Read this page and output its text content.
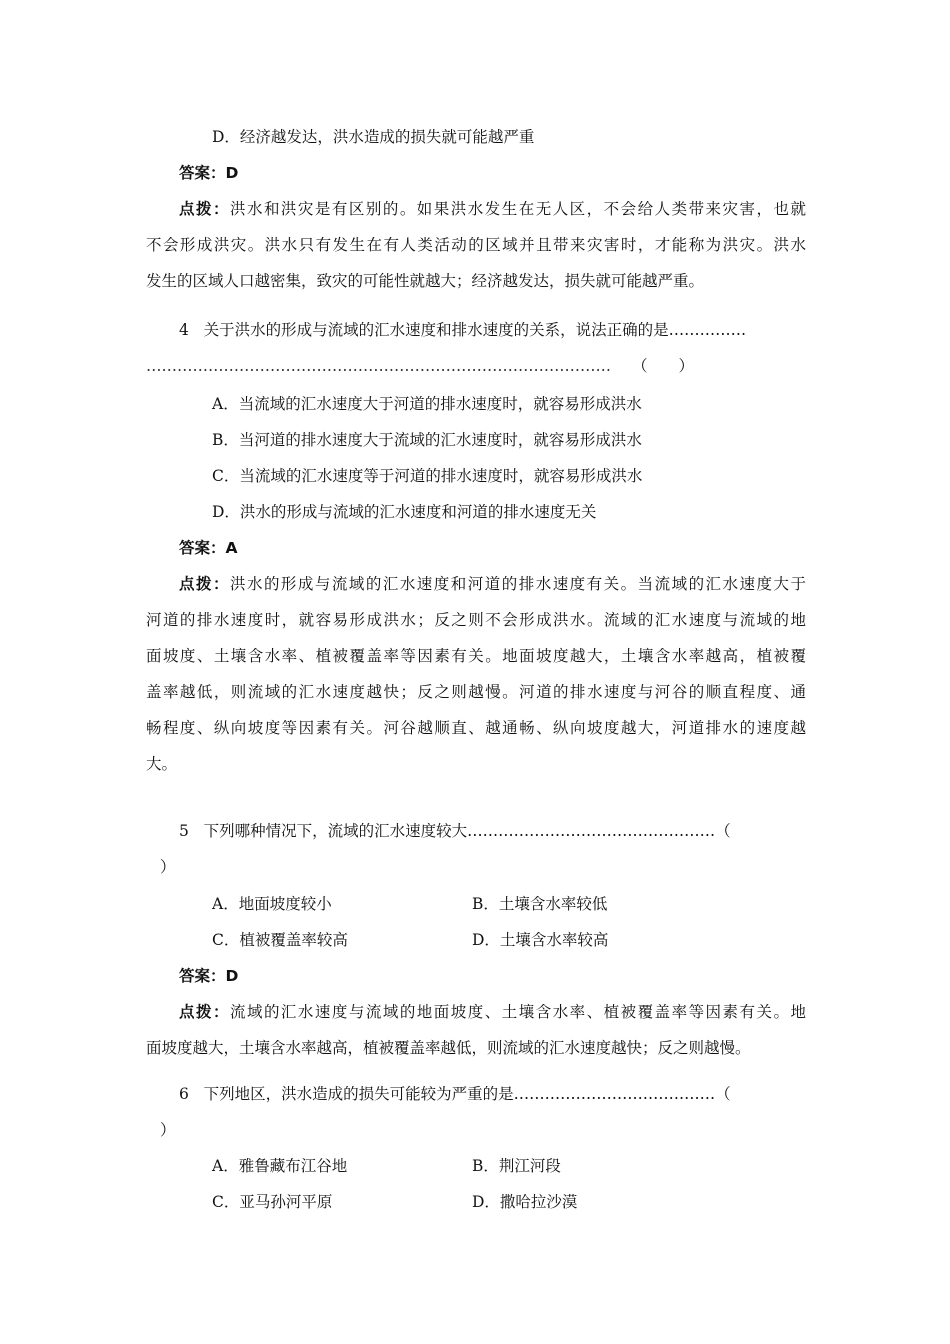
D．经济越发达，洪水造成的损失就可能越严重
答案：D
点拨：洪水和洪灾是有区别的。如果洪水发生在无人区，不会给人类带来灾害，也就
不会形成洪灾。洪水只有发生在有人类活动的区域并且带来灾害时，才能称为洪灾。洪水
发生的区域人口越密集，致灾的可能性就越大；经济越发达，损失就可能越严重。
4 关于洪水的形成与流域的汇水速度和排水速度的关系，说法正确的是……………
……………………………………………………………………………… （　　）
A．当流域的汇水速度大于河道的排水速度时，就容易形成洪水
B．当河道的排水速度大于流域的汇水速度时，就容易形成洪水
C．当流域的汇水速度等于河道的排水速度时，就容易形成洪水
D．洪水的形成与流域的汇水速度和河道的排水速度无关
答案：A
点拨：洪水的形成与流域的汇水速度和河道的排水速度有关。当流域的汇水速度大于
河道的排水速度时，就容易形成洪水；反之则不会形成洪水。流域的汇水速度与流域的地
面坡度、土壤含水率、植被覆盖率等因素有关。地面坡度越大，土壤含水率越高，植被覆
盖率越低，则流域的汇水速度越快；反之则越慢。河道的排水速度与河谷的顺直程度、通
畅程度、纵向坡度等因素有关。河谷越顺直、越通畅、纵向坡度越大，河道排水的速度越
大。
5 下列哪种情况下，流域的汇水速度较大…………………………………………（
）
A．地面坡度较小	B．土壤含水率较低
C．植被覆盖率较高	D．土壤含水率较高
答案：D
点拨：流域的汇水速度与流域的地面坡度、土壤含水率、植被覆盖率等因素有关。地
面坡度越大，土壤含水率越高，植被覆盖率越低，则流域的汇水速度越快；反之则越慢。
6 下列地区，洪水造成的损失可能较为严重的是…………………………………（
）
A．雅鲁藏布江谷地	B．荆江河段
C．亚马孙河平原	D．撒哈拉沙漠
